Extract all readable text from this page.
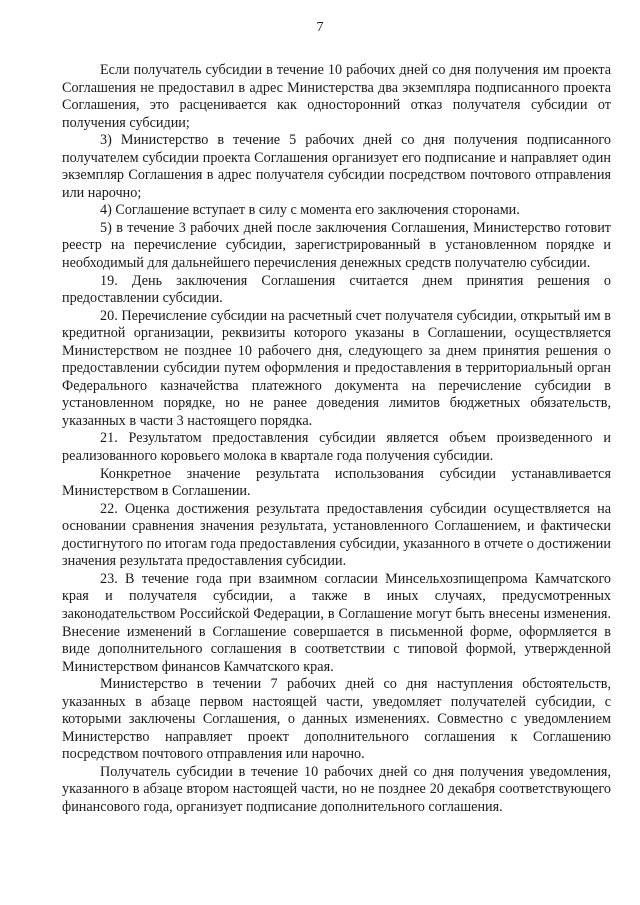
7

Если получатель субсидии в течение 10 рабочих дней со дня получения им проекта Соглашения не предоставил в адрес Министерства два экземпляра подписанного проекта Соглашения, это расценивается как односторонний отказ получателя субсидии от получения субсидии;

3) Министерство в течение 5 рабочих дней со дня получения подписанного получателем субсидии проекта Соглашения организует его подписание и направляет один экземпляр Соглашения в адрес получателя субсидии посредством почтового отправления или нарочно;

4) Соглашение вступает в силу с момента его заключения сторонами.

5) в течение 3 рабочих дней после заключения Соглашения, Министерство готовит реестр на перечисление субсидии, зарегистрированный в установленном порядке и необходимый для дальнейшего перечисления денежных средств получателю субсидии.

19. День заключения Соглашения считается днем принятия решения о предоставлении субсидии.

20. Перечисление субсидии на расчетный счет получателя субсидии, открытый им в кредитной организации, реквизиты которого указаны в Соглашении, осуществляется Министерством не позднее 10 рабочего дня, следующего за днем принятия решения о предоставлении субсидии путем оформления и предоставления в территориальный орган Федерального казначейства платежного документа на перечисление субсидии в установленном порядке, но не ранее доведения лимитов бюджетных обязательств, указанных в части 3 настоящего порядка.

21. Результатом предоставления субсидии является объем произведенного и реализованного коровьего молока в квартале года получения субсидии.

Конкретное значение результата использования субсидии устанавливается Министерством в Соглашении.

22. Оценка достижения результата предоставления субсидии осуществляется на основании сравнения значения результата, установленного Соглашением, и фактически достигнутого по итогам года предоставления субсидии, указанного в отчете о достижении значения результата предоставления субсидии.

23. В течение года при взаимном согласии Минсельхозпищепрома Камчатского края и получателя субсидии, а также в иных случаях, предусмотренных законодательством Российской Федерации, в Соглашение могут быть внесены изменения. Внесение изменений в Соглашение совершается в письменной форме, оформляется в виде дополнительного соглашения в соответствии с типовой формой, утвержденной Министерством финансов Камчатского края.

Министерство в течении 7 рабочих дней со дня наступления обстоятельств, указанных в абзаце первом настоящей части, уведомляет получателей субсидии, с которыми заключены Соглашения, о данных изменениях. Совместно с уведомлением Министерство направляет проект дополнительного соглашения к Соглашению посредством почтового отправления или нарочно.

Получатель субсидии в течение 10 рабочих дней со дня получения уведомления, указанного в абзаце втором настоящей части, но не позднее 20 декабря соответствующего финансового года, организует подписание дополнительного соглашения.
